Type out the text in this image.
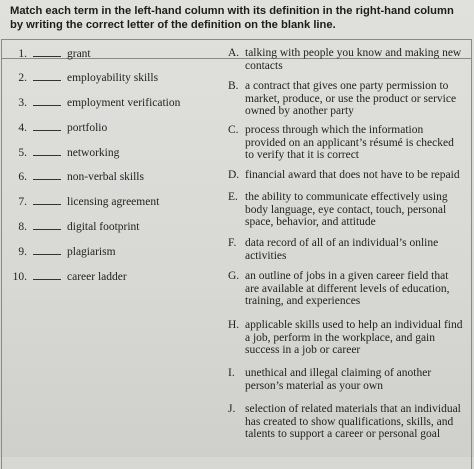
Match each term in the left-hand column with its definition in the right-hand column by writing the correct letter of the definition on the blank line.
1.	grant
2.	employability skills
3.	employment verification
4.	portfolio
5.	networking
6.	non-verbal skills
7.	licensing agreement
8.	digital footprint
9.	plagiarism
10.	career ladder
A. talking with people you know and making new contacts
B. a contract that gives one party permission to market, produce, or use the product or service owned by another party
C. process through which the information provided on an applicant’s résumé is checked to verify that it is correct
D. financial award that does not have to be repaid
E. the ability to communicate effectively using body language, eye contact, touch, personal space, behavior, and attitude
F. data record of all of an individual’s online activities
G. an outline of jobs in a given career field that are available at different levels of education, training, and experiences
H. applicable skills used to help an individual find a job, perform in the workplace, and gain success in a job or career
I. unethical and illegal claiming of another person’s material as your own
J. selection of related materials that an individual has created to show qualifications, skills, and talents to support a career or personal goal
